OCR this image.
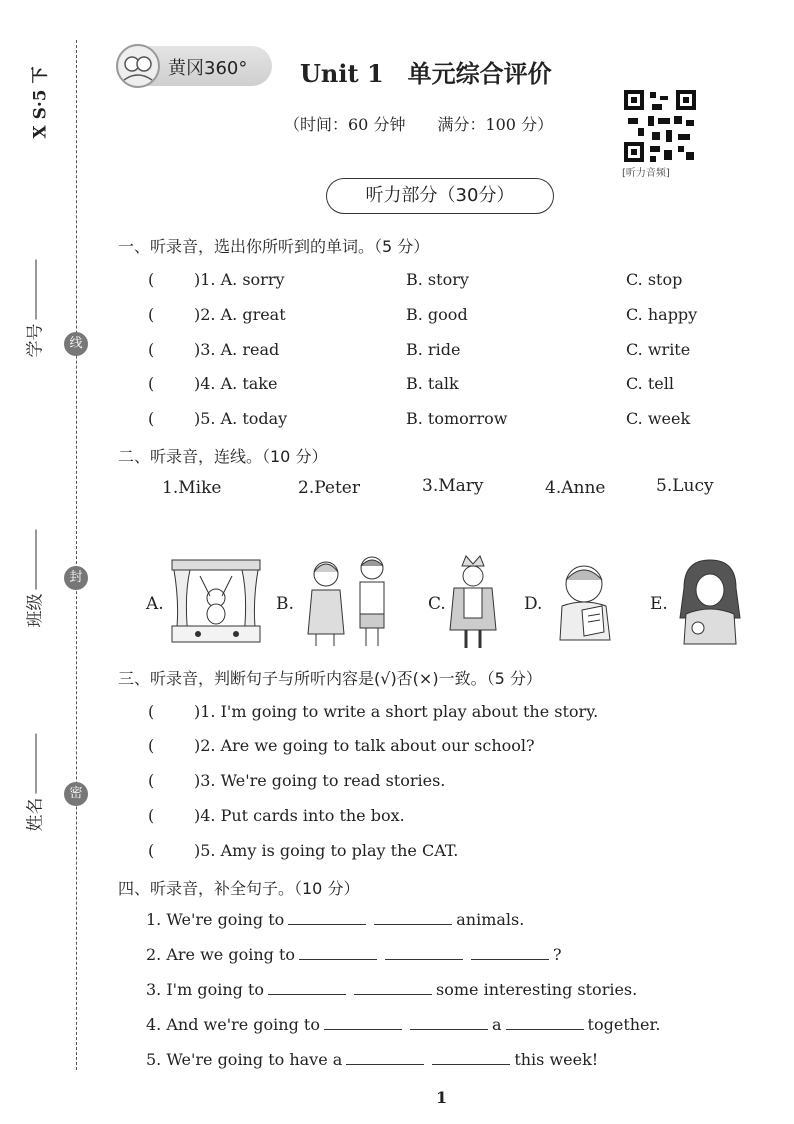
X S·5 下
学号
班级
姓名
线
封
密
黄冈360° Unit 1　单元综合评价
（时间：60 分钟　　满分：100 分）
[听力音频]
听力部分（30分）
一、听录音，选出你所听到的单词。（5 分）
( )1. A. sorry	B. story	C. stop
( )2. A. great	B. good	C. happy
( )3. A. read	B. ride	C. write
( )4. A. take	B. talk	C. tell
( )5. A. today	B. tomorrow	C. week
二、听录音，连线。（10 分）
1.Mike	2.Peter	3.Mary	4.Anne	5.Lucy
A.	B.	C.	D.	E.
三、听录音，判断句子与所听内容是(√)否(×)一致。（5 分）
( )1. I'm going to write a short play about the story.
( )2. Are we going to talk about our school?
( )3. We're going to read stories.
( )4. Put cards into the box.
( )5. Amy is going to play the CAT.
四、听录音，补全句子。（10 分）
1. We're going to	animals.
2. Are we going to	?
3. I'm going to	some interesting stories.
4. And we're going to	a	together.
5. We're going to have a	this week!
1
